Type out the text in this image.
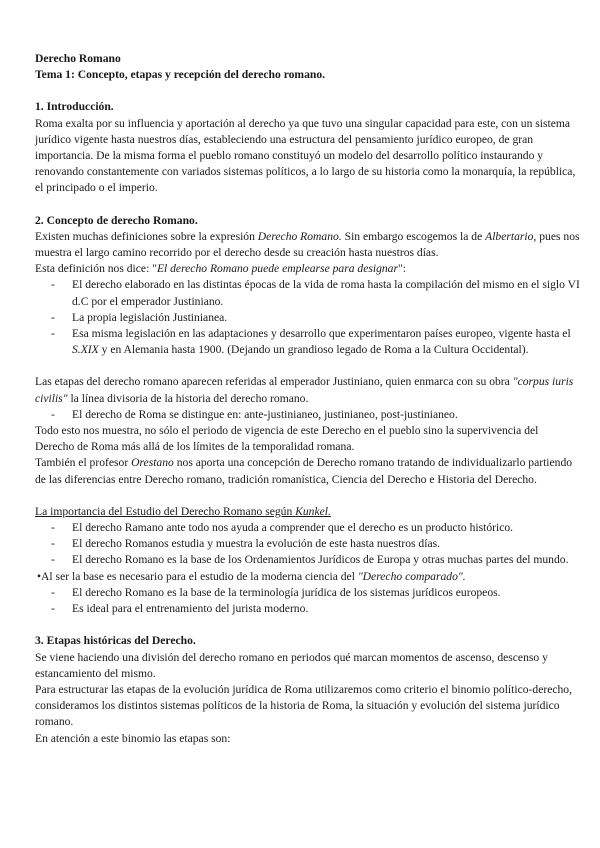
Derecho Romano

Tema 1: Concepto, etapas y recepción del derecho romano.

1. Introducción.

Roma exalta por su influencia y aportación al derecho ya que tuvo una singular capacidad para este, con un sistema jurídico vigente hasta nuestros días, estableciendo una estructura del pensamiento jurídico europeo, de gran importancia. De la misma forma el pueblo romano constituyó un modelo del desarrollo político instaurando y renovando constantemente con variados sistemas políticos, a lo largo de su historia como la monarquía, la república, el principado o el imperio.

2. Concepto de derecho Romano.

Existen muchas definiciones sobre la expresión Derecho Romano. Sin embargo escogemos la de Albertario, pues nos muestra el largo camino recorrido por el derecho desde su creación hasta nuestros días.

Esta definición nos dice: "El derecho Romano puede emplearse para designar":

- El derecho elaborado en las distintas épocas de la vida de roma hasta la compilación del mismo en el siglo VI d.C por el emperador Justiniano.
- La propia legislación Justinianea.
- Esa misma legislación en las adaptaciones y desarrollo que experimentaron países europeo, vigente hasta el S.XIX y en Alemania hasta 1900. (Dejando un grandioso legado de Roma a la Cultura Occidental).

Las etapas del derecho romano aparecen referidas al emperador Justiniano, quien enmarca con su obra "corpus iuris civilis" la línea divisoria de la historia del derecho romano.

- El derecho de Roma se distingue en: ante-justinianeo, justinianeo, post-justinianeo.

Todo esto nos muestra, no sólo el periodo de vigencia de este Derecho en el pueblo sino la supervivencia del Derecho de Roma más allá de los límites de la temporalidad romana.

También el profesor Orestano nos aporta una concepción de Derecho romano tratando de individualizarlo partiendo de las diferencias entre Derecho romano, tradición romanística, Ciencia del Derecho e Historia del Derecho.

La importancia del Estudio del Derecho Romano según Kunkel.

- El derecho Ramano ante todo nos ayuda a comprender que el derecho es un producto histórico.
- El derecho Romanos estudia y muestra la evolución de este hasta nuestros días.
- El derecho Romano es la base de los Ordenamientos Jurídicos de Europa y otras muchas partes del mundo.

•Al ser la base es necesario para el estudio de la moderna ciencia del "Derecho comparado".

- El derecho Romano es la base de la terminología jurídica de los sistemas jurídicos europeos.
- Es ideal para el entrenamiento del jurista moderno.

3. Etapas históricas del Derecho.

Se viene haciendo una división del derecho romano en periodos qué marcan momentos de ascenso, descenso y estancamiento del mismo.

Para estructurar las etapas de la evolución jurídica de Roma utilizaremos como criterio el binomio político-derecho, consideramos los distintos sistemas políticos de la historia de Roma, la situación y evolución del sistema jurídico romano.

En atención a este binomio las etapas son:
